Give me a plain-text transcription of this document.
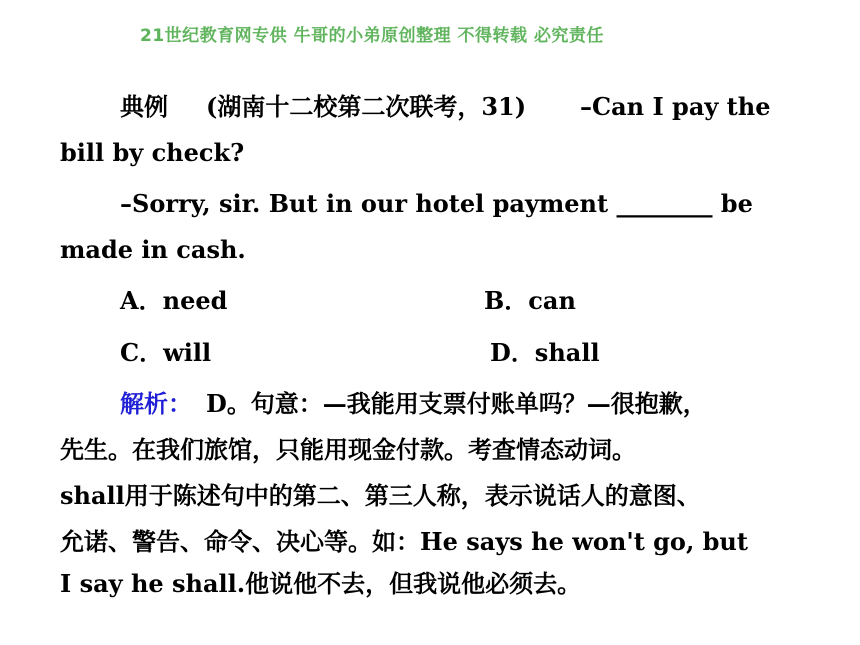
21世纪教育网专供 牛哥的小弟原创整理 不得转载 必究责任
典例 (湖南十二校第二次联考，31) –Can I pay the
bill by check?
–Sorry, sir. But in our hotel payment ________ be
made in cash.
A．need	B．can
C．will	D．shall
解析： D。句意：—我能用支票付账单吗？—很抱歉，
先生。在我们旅馆，只能用现金付款。考查情态动词。
shall用于陈述句中的第二、第三人称，表示说话人的意图、
允诺、警告、命令、决心等。如：He says he won't go, but
I say he shall.他说他不去，但我说他必须去。
